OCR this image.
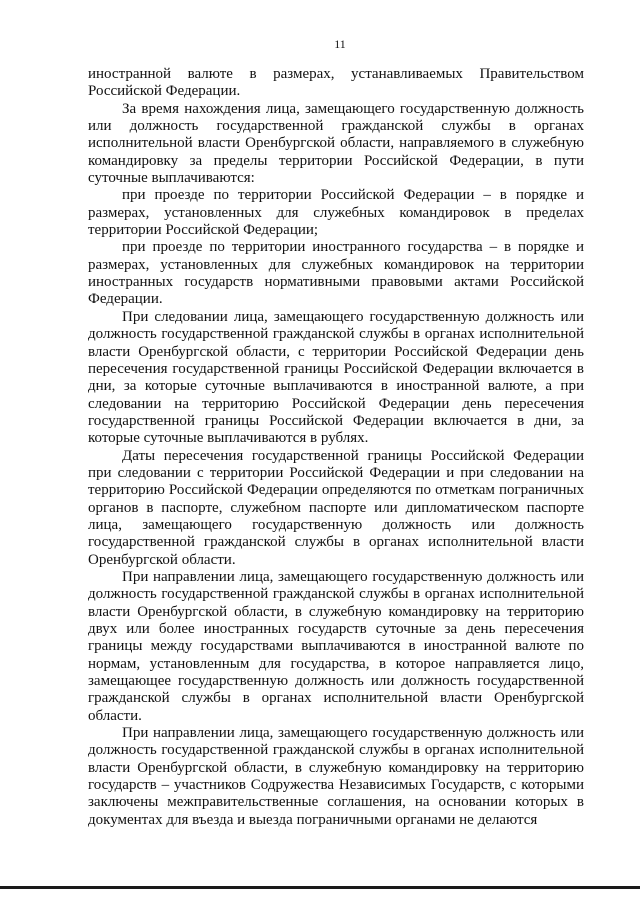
11

иностранной валюте в размерах, устанавливаемых Правительством Российской Федерации.

За время нахождения лица, замещающего государственную должность или должность государственной гражданской службы в органах исполнительной власти Оренбургской области, направляемого в служебную командировку за пределы территории Российской Федерации, в пути суточные выплачиваются:

при проезде по территории Российской Федерации – в порядке и размерах, установленных для служебных командировок в пределах территории Российской Федерации;

при проезде по территории иностранного государства – в порядке и размерах, установленных для служебных командировок на территории иностранных государств нормативными правовыми актами Российской Федерации.

При следовании лица, замещающего государственную должность или должность государственной гражданской службы в органах исполнительной власти Оренбургской области, с территории Российской Федерации день пересечения государственной границы Российской Федерации включается в дни, за которые суточные выплачиваются в иностранной валюте, а при следовании на территорию Российской Федерации день пересечения государственной границы Российской Федерации включается в дни, за которые суточные выплачиваются в рублях.

Даты пересечения государственной границы Российской Федерации при следовании с территории Российской Федерации и при следовании на территорию Российской Федерации определяются по отметкам пограничных органов в паспорте, служебном паспорте или дипломатическом паспорте лица, замещающего государственную должность или должность государственной гражданской службы в органах исполнительной власти Оренбургской области.

При направлении лица, замещающего государственную должность или должность государственной гражданской службы в органах исполнительной власти Оренбургской области, в служебную командировку на территорию двух или более иностранных государств суточные за день пересечения границы между государствами выплачиваются в иностранной валюте по нормам, установленным для государства, в которое направляется лицо, замещающее государственную должность или должность государственной гражданской службы в органах исполнительной власти Оренбургской области.

При направлении лица, замещающего государственную должность или должность государственной гражданской службы в органах исполнительной власти Оренбургской области, в служебную командировку на территорию государств – участников Содружества Независимых Государств, с которыми заключены межправительственные соглашения, на основании которых в документах для въезда и выезда пограничными органами не делаются
